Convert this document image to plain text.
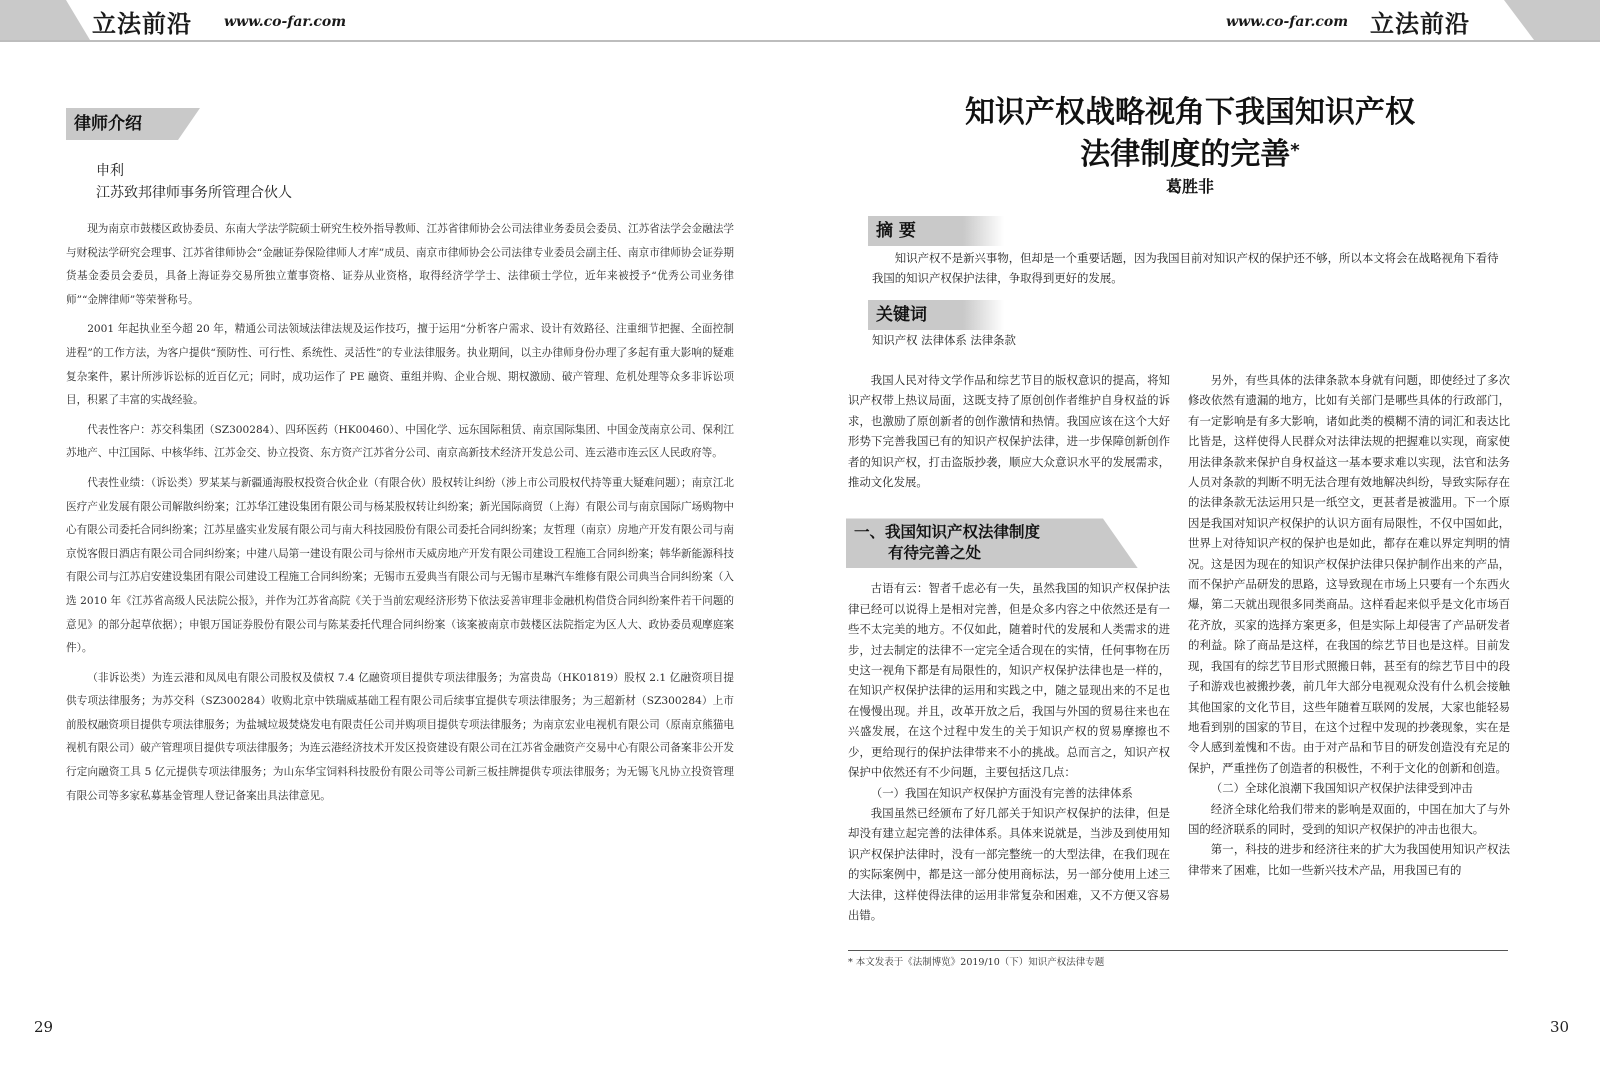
立法前沿 www.co-far.com
律师介绍
申利
江苏致邦律师事务所管理合伙人

现为南京市鼓楼区政协委员、东南大学法学院硕士研究生校外指导教师、江苏省律师协会公司法律业务委员会委员、江苏省法学会金融法学与财税法学研究会理事、江苏省律师协会“金融证券保险律师人才库”成员、南京市律师协会公司法律专业委员会副主任、南京市律师协会证券期货基金委员会委员，具备上海证券交易所独立董事资格、证券从业资格，取得经济学学士、法律硕士学位，近年来被授予“优秀公司业务律师”“金牌律师”等荣誉称号。

2001 年起执业至今超 20 年，精通公司法领域法律法规及运作技巧，擅于运用“分析客户需求、设计有效路径、注重细节把握、全面控制进程”的工作方法，为客户提供“预防性、可行性、系统性、灵活性”的专业法律服务。执业期间，以主办律师身份办理了多起有重大影响的疑难复杂案件，累计所涉诉讼标的近百亿元；同时，成功运作了 PE 融资、重组并购、企业合规、期权激励、破产管理、危机处理等众多非诉讼项目，积累了丰富的实战经验。

代表性客户：苏交科集团（SZ300284）、四环医药（HK00460）、中国化学、远东国际租赁、南京国际集团、中国金茂南京公司、保利江苏地产、中江国际、中核华纬、江苏金交、协立投资、东方资产江苏省分公司、南京高新技术经济开发总公司、连云港市连云区人民政府等。

代表性业绩：（诉讼类）罗某某与新疆通海股权投资合伙企业（有限合伙）股权转让纠纷（涉上市公司股权代持等重大疑难问题）；南京江北医疗产业发展有限公司解散纠纷案；江苏华江建设集团有限公司与杨某股权转让纠纷案；新光国际商贸（上海）有限公司与南京国际广场购物中心有限公司委托合同纠纷案；江苏星盛实业发展有限公司与南大科技园股份有限公司委托合同纠纷案；友哲理（南京）房地产开发有限公司与南京悦客假日酒店有限公司合同纠纷案；中建八局第一建设有限公司与徐州市天威房地产开发有限公司建设工程施工合同纠纷案；韩华新能源科技有限公司与江苏启安建设集团有限公司建设工程施工合同纠纷案；无锡市五爱典当有限公司与无锡市星琳汽车维修有限公司典当合同纠纷案（入选 2010 年《江苏省高级人民法院公报》，并作为江苏省高院《关于当前宏观经济形势下依法妥善审理非金融机构借贷合同纠纷案件若干问题的意见》的部分起草依据）；申银万国证券股份有限公司与陈某委托代理合同纠纷案（该案被南京市鼓楼区法院指定为区人大、政协委员观摩庭案件）。

（非诉讼类）为连云港和凤凤电有限公司股权及债权 7.4 亿融资项目提供专项法律服务；为富贵岛（HK01819）股权 2.1 亿融资项目提供专项法律服务；为苏交科（SZ300284）收购北京中铁瑞威基础工程有限公司后续事宜提供专项法律服务；为三超新材（SZ300284）上市前股权融资项目提供专项法律服务；为盐城垃圾焚烧发电有限责任公司并购项目提供专项法律服务；为南京宏业电视机有限公司（原南京熊猫电视机有限公司）破产管理项目提供专项法律服务；为连云港经济技术开发区投资建设有限公司在江苏省金融资产交易中心有限公司备案非公开发行定向融资工具 5 亿元提供专项法律服务；为山东华宝饲料科技股份有限公司等公司新三板挂牌提供专项法律服务；为无锡飞凡协立投资管理有限公司等多家私募基金管理人登记备案出具法律意见。

29
www.co-far.com 立法前沿
知识产权战略视角下我国知识产权
法律制度的完善*
葛胜非
摘 要

知识产权不是新兴事物，但却是一个重要话题，因为我国目前对知识产权的保护还不够，所以本文将会在战略视角下看待我国的知识产权保护法律，争取得到更好的发展。

关键词
知识产权 法律体系 法律条款

我国人民对待文学作品和综艺节目的版权意识的提高，将知识产权带上热议局面，这既支持了原创创作者维护自身权益的诉求，也激励了原创新者的创作激情和热情。我国应该在这个大好形势下完善我国已有的知识产权保护法律，进一步保障创新创作者的知识产权，打击盗版抄袭，顺应大众意识水平的发展需求，推动文化发展。

一、我国知识产权法律制度
有待完善之处

古语有云：智者千虑必有一失，虽然我国的知识产权保护法律已经可以说得上是相对完善，但是众多内容之中依然还是有一些不太完美的地方。不仅如此，随着时代的发展和人类需求的进步，过去制定的法律不一定完全适合现在的实情，任何事物在历史这一视角下都是有局限性的，知识产权保护法律也是一样的，在知识产权保护法律的运用和实践之中，随之显现出来的不足也在慢慢出现。并且，改革开放之后，我国与外国的贸易往来也在兴盛发展，在这个过程中发生的关于知识产权的贸易摩擦也不少，更给现行的保护法律带来不小的挑战。总而言之，知识产权保护中依然还有不少问题，主要包括这几点：

（一）我国在知识产权保护方面没有完善的法律体系

我国虽然已经颁布了好几部关于知识产权保护的法律，但是却没有建立起完善的法律体系。具体来说就是，当涉及到使用知识产权保护法律时，没有一部完整统一的大型法律，在我们现在的实际案例中，都是这一部分使用商标法，另一部分使用上述三大法律，这样使得法律的运用非常复杂和困难，又不方便又容易出错。

另外，有些具体的法律条款本身就有问题，即使经过了多次修改依然有遗漏的地方，比如有关部门是哪些具体的行政部门，有一定影响是有多大影响，诸如此类的模糊不清的词汇和表达比比皆是，这样使得人民群众对法律法规的把握难以实现，商家使用法律条款来保护自身权益这一基本要求难以实现，法官和法务人员对条款的判断不明无法合理有效地解决纠纷，导致实际存在的法律条款无法运用只是一纸空文，更甚者是被滥用。下一个原因是我国对知识产权保护的认识方面有局限性，不仅中国如此，世界上对待知识产权的保护也是如此，都存在难以界定判明的情况。这是因为现在的知识产权保护法律只保护制作出来的产品，而不保护产品研发的思路，这导致现在市场上只要有一个东西火爆，第二天就出现很多同类商品。这样看起来似乎是文化市场百花齐放，买家的选择方案更多，但是实际上却侵害了产品研发者的利益。除了商品是这样，在我国的综艺节目也是这样。目前发现，我国有的综艺节目形式照搬日韩，甚至有的综艺节目中的段子和游戏也被搬抄袭，前几年大部分电视观众没有什么机会接触其他国家的文化节目，这些年随着互联网的发展，大家也能轻易地看到别的国家的节目，在这个过程中发现的抄袭现象，实在是令人感到羞愧和不齿。由于对产品和节目的研发创造没有充足的保护，严重挫伤了创造者的积极性，不利于文化的创新和创造。

（二）全球化浪潮下我国知识产权保护法律受到冲击

经济全球化给我们带来的影响是双面的，中国在加大了与外国的经济联系的同时，受到的知识产权保护的冲击也很大。

第一，科技的进步和经济往来的扩大为我国使用知识产权法律带来了困难，比如一些新兴技术产品，用我国已有的

* 本文发表于《法制博览》2019/10（下）知识产权法律专题
30
